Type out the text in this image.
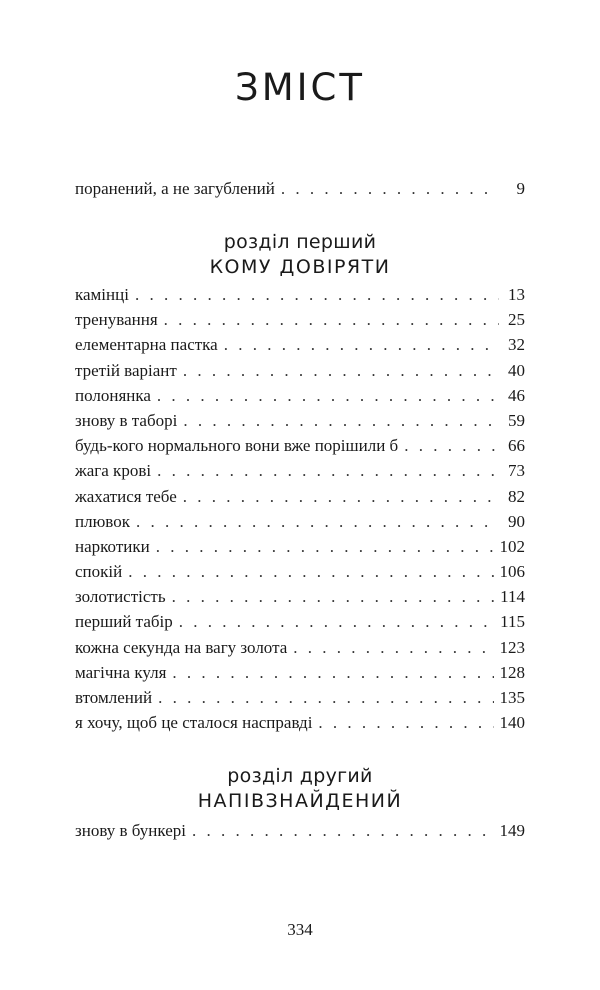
ЗМІСТ
поранений, а не загублений . . .	9
розділ перший
КОМУ ДОВІРЯТИ
камінці . . .	13
тренування . . .	25
елементарна пастка . . .	32
третій варіант . . .	40
полонянка . . .	46
знову в таборі . . .	59
будь-кого нормального вони вже порішили б . . .	66
жага крові . . .	73
жахатися тебе . . .	82
плювок . . .	90
наркотики . . .	102
спокій . . .	106
золотистість . . .	114
перший табір . . .	115
кожна секунда на вагу золота . . .	123
магічна куля . . .	128
втомлений . . .	135
я хочу, щоб це сталося насправді . . .	140
розділ другий
НАПІВЗНАЙДЕНИЙ
знову в бункері . . .	149
334
